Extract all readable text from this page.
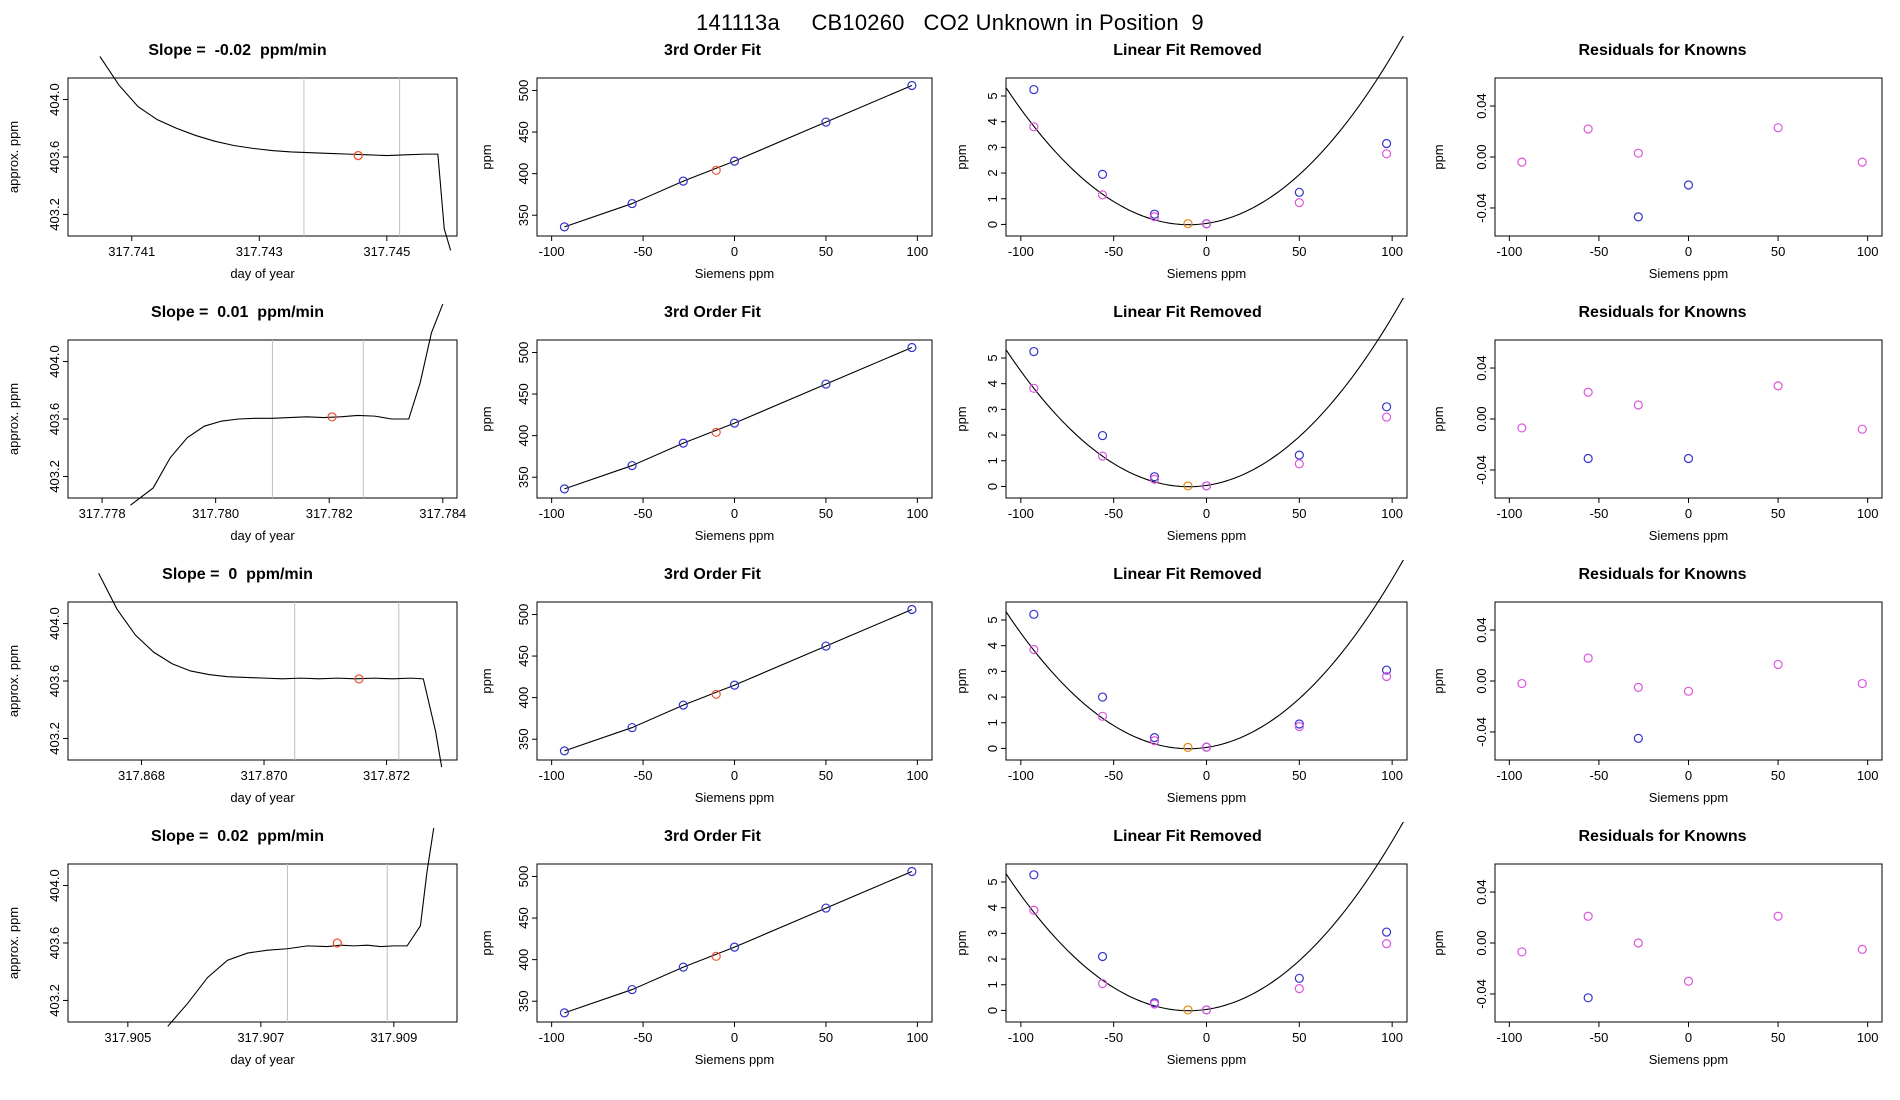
141113a     CB10260   CO2 Unknown in Position  9
317.741	317.743	317.745
403.2
403.6
404.0
day of year
approx. ppm
Slope =  -0.02  ppm/min
-100	-50	0	50	100
350
400
450
500
Siemens ppm
ppm
3rd Order Fit
-100	-50	0	50	100
0
1
2
3
4
5
Siemens ppm
ppm
Linear Fit Removed
-100	-50	0	50	100
-0.04
0.00
0.04
Siemens ppm
ppm
Residuals for Knowns
317.778	317.780	317.782	317.784
403.2
403.6
404.0
day of year
approx. ppm
Slope =  0.01  ppm/min
-100	-50	0	50	100
350
400
450
500
Siemens ppm
ppm
3rd Order Fit
-100	-50	0	50	100
0
1
2
3
4
5
Siemens ppm
ppm
Linear Fit Removed
-100	-50	0	50	100
-0.04
0.00
0.04
Siemens ppm
ppm
Residuals for Knowns
317.868	317.870	317.872
403.2
403.6
404.0
day of year
approx. ppm
Slope =  0  ppm/min
-100	-50	0	50	100
350
400
450
500
Siemens ppm
ppm
3rd Order Fit
-100	-50	0	50	100
0
1
2
3
4
5
Siemens ppm
ppm
Linear Fit Removed
-100	-50	0	50	100
-0.04
0.00
0.04
Siemens ppm
ppm
Residuals for Knowns
317.905	317.907	317.909
403.2
403.6
404.0
day of year
approx. ppm
Slope =  0.02  ppm/min
-100	-50	0	50	100
350
400
450
500
Siemens ppm
ppm
3rd Order Fit
-100	-50	0	50	100
0
1
2
3
4
5
Siemens ppm
ppm
Linear Fit Removed
-100	-50	0	50	100
-0.04
0.00
0.04
Siemens ppm
ppm
Residuals for Knowns
